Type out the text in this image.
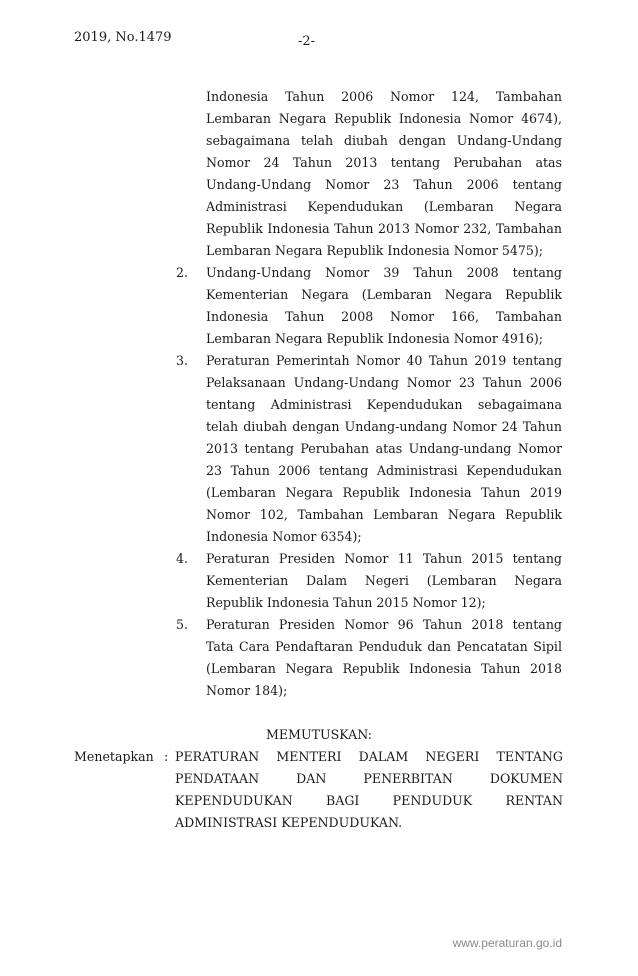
2019, No.1479	-2-
Indonesia Tahun 2006 Nomor 124, Tambahan Lembaran Negara Republik Indonesia Nomor 4674), sebagaimana telah diubah dengan Undang-Undang Nomor 24 Tahun 2013 tentang Perubahan atas Undang-Undang Nomor 23 Tahun 2006 tentang Administrasi Kependudukan (Lembaran Negara Republik Indonesia Tahun 2013 Nomor 232, Tambahan Lembaran Negara Republik Indonesia Nomor 5475);
2.	Undang-Undang Nomor 39 Tahun 2008 tentang Kementerian Negara (Lembaran Negara Republik Indonesia Tahun 2008 Nomor 166, Tambahan Lembaran Negara Republik Indonesia Nomor 4916);
3.	Peraturan Pemerintah Nomor 40 Tahun 2019 tentang Pelaksanaan Undang-Undang Nomor 23 Tahun 2006 tentang Administrasi Kependudukan sebagaimana telah diubah dengan Undang-undang Nomor 24 Tahun 2013 tentang Perubahan atas Undang-undang Nomor 23 Tahun 2006 tentang Administrasi Kependudukan (Lembaran Negara Republik Indonesia Tahun 2019 Nomor 102, Tambahan Lembaran Negara Republik Indonesia Nomor 6354);
4.	Peraturan Presiden Nomor 11 Tahun 2015 tentang Kementerian Dalam Negeri (Lembaran Negara Republik Indonesia Tahun 2015 Nomor 12);
5.	Peraturan Presiden Nomor 96 Tahun 2018 tentang Tata Cara Pendaftaran Penduduk dan Pencatatan Sipil (Lembaran Negara Republik Indonesia Tahun 2018 Nomor 184);
MEMUTUSKAN:
Menetapkan : PERATURAN MENTERI DALAM NEGERI TENTANG PENDATAAN DAN PENERBITAN DOKUMEN KEPENDUDUKAN BAGI PENDUDUK RENTAN ADMINISTRASI KEPENDUDUKAN.
www.peraturan.go.id
